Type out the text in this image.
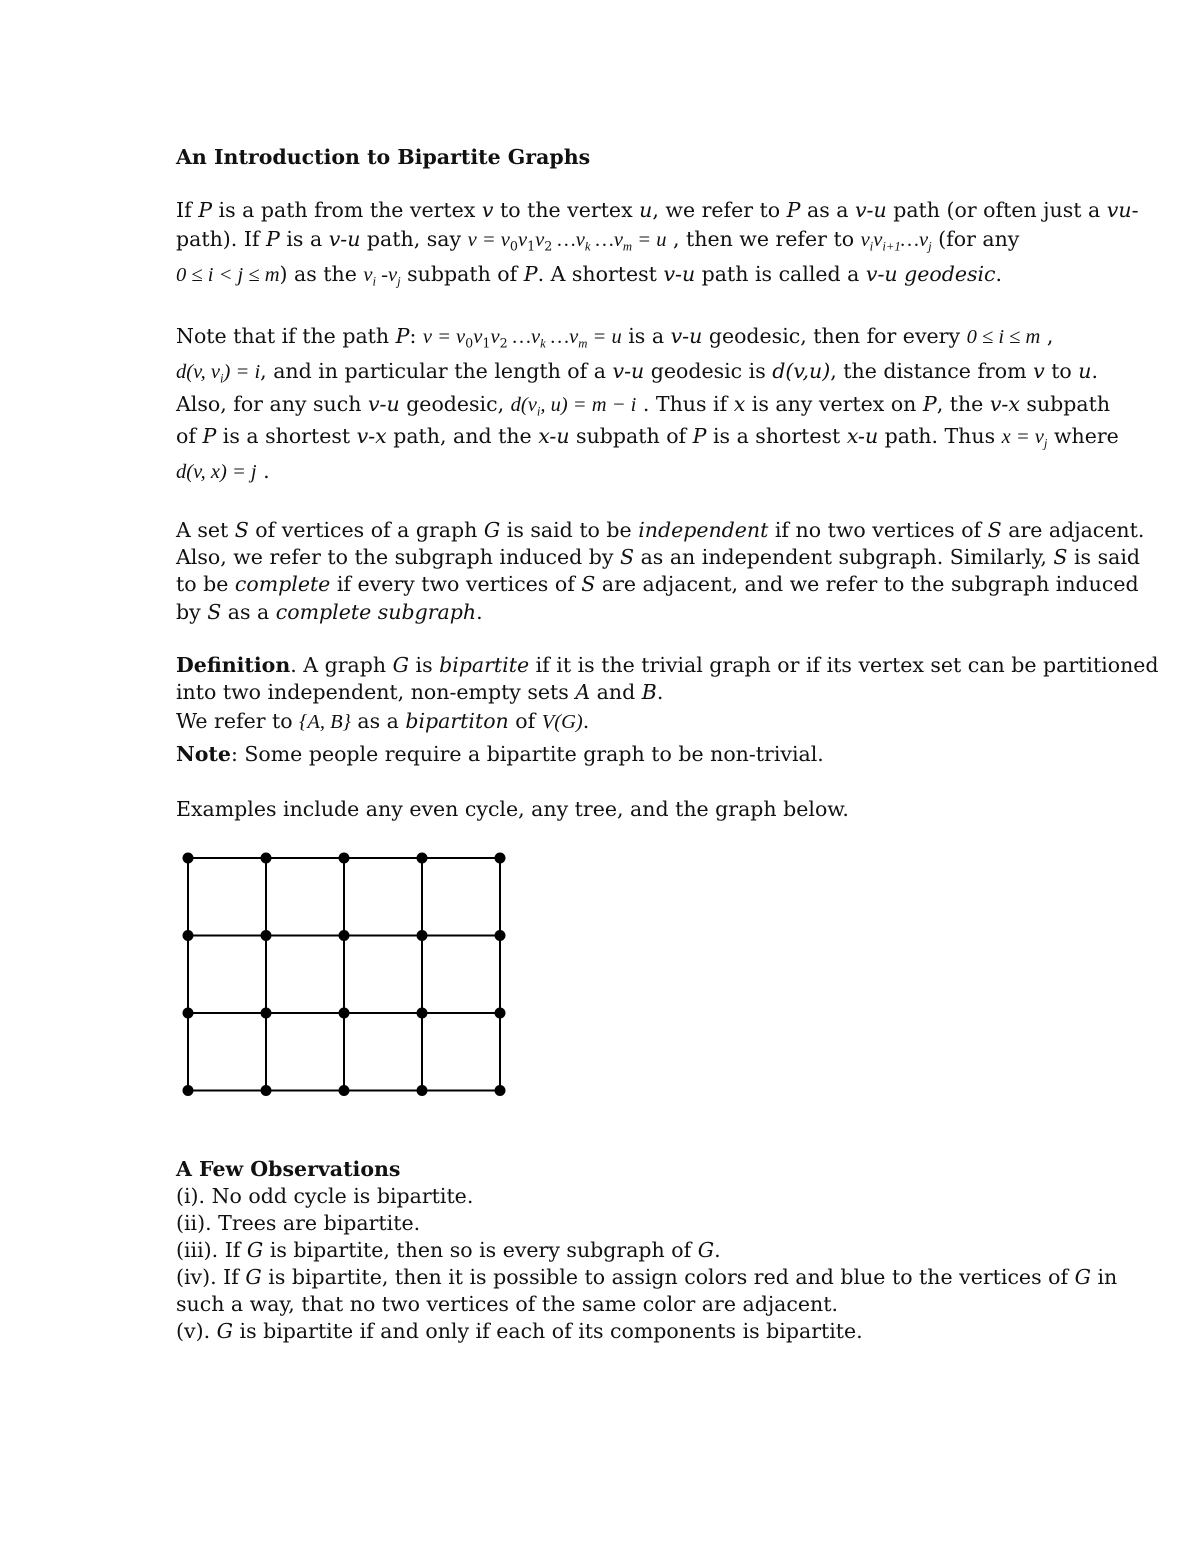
An Introduction to Bipartite Graphs
If P is a path from the vertex v to the vertex u, we refer to P as a v-u path (or often just a vu-
path). If P is a v-u path, say $v = v_0v_1v_2$ $\dots v_k$ $\dots v_m = u$ , then we refer to $v_iv_{i+1}\dots v_j$ (for any
0 ≤ i < j ≤ m) as the $v_i$ $-v_j$ subpath of P. A shortest v-u path is called a v-u geodesic.
Note that if the path P: $v = v_0v_1v_2$ $\dots v_k$ $\dots v_m = u$ is a v-u geodesic, then for every 0 ≤ i ≤ m ,
d(v, $v_i) = i$, and in particular the length of a v-u geodesic is d(v,u), the distance from v to u.
Also, for any such v-u geodesic, $d(v_i$, u) = m − i . Thus if x is any vertex on P, the v-x subpath
of P is a shortest v-x path, and the x-u subpath of P is a shortest x-u path. Thus $x = v_j$ where
d(v, x) = j .
A set S of vertices of a graph G is said to be independent if no two vertices of S are adjacent.
Also, we refer to the subgraph induced by S as an independent subgraph. Similarly, S is said
to be complete if every two vertices of S are adjacent, and we refer to the subgraph induced
by S as a complete subgraph.
Definition. A graph G is bipartite if it is the trivial graph or if its vertex set can be partitioned
into two independent, non-empty sets A and B.
We refer to {A, B} as a bipartiton of V(G).
Note: Some people require a bipartite graph to be non-trivial.
Examples include any even cycle, any tree, and the graph below.
A Few Observations
(i). No odd cycle is bipartite.
(ii). Trees are bipartite.
(iii). If G is bipartite, then so is every subgraph of G.
(iv). If G is bipartite, then it is possible to assign colors red and blue to the vertices of G in
such a way, that no two vertices of the same color are adjacent.
(v). G is bipartite if and only if each of its components is bipartite.
